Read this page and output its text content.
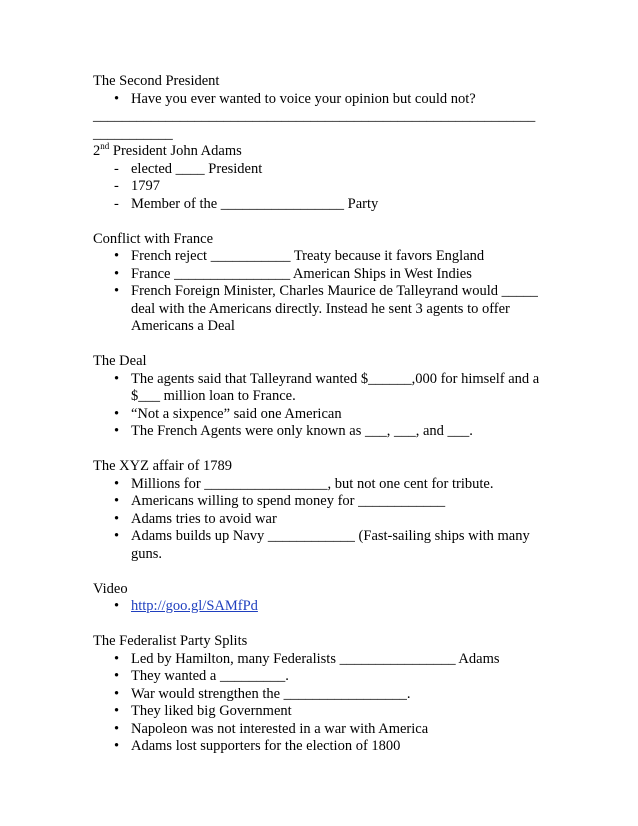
The Second President
• Have you ever wanted to voice your opinion but could not?
_____________________________________________________________
___________
2nd President John Adams
- elected ____ President
- 1797
- Member of the _________________ Party
Conflict with France
• French reject ___________ Treaty because it favors England
• France ________________ American Ships in West Indies
• French Foreign Minister, Charles Maurice de Talleyrand would _____ deal with the Americans directly. Instead he sent 3 agents to offer Americans a Deal
The Deal
• The agents said that Talleyrand wanted $______,000 for himself and a $___ million loan to France.
• “Not a sixpence” said one American
• The French Agents were only known as ___, ___, and ___.
The XYZ affair of 1789
• Millions for _________________, but not one cent for tribute.
• Americans willing to spend money for ____________
• Adams tries to avoid war
• Adams builds up Navy ____________ (Fast-sailing ships with many guns.
Video
• http://goo.gl/SAMfPd
The Federalist Party Splits
• Led by Hamilton, many Federalists ________________ Adams
• They wanted a _________.
• War would strengthen the _________________.
• They liked big Government
• Napoleon was not interested in a war with America
• Adams lost supporters for the election of 1800
